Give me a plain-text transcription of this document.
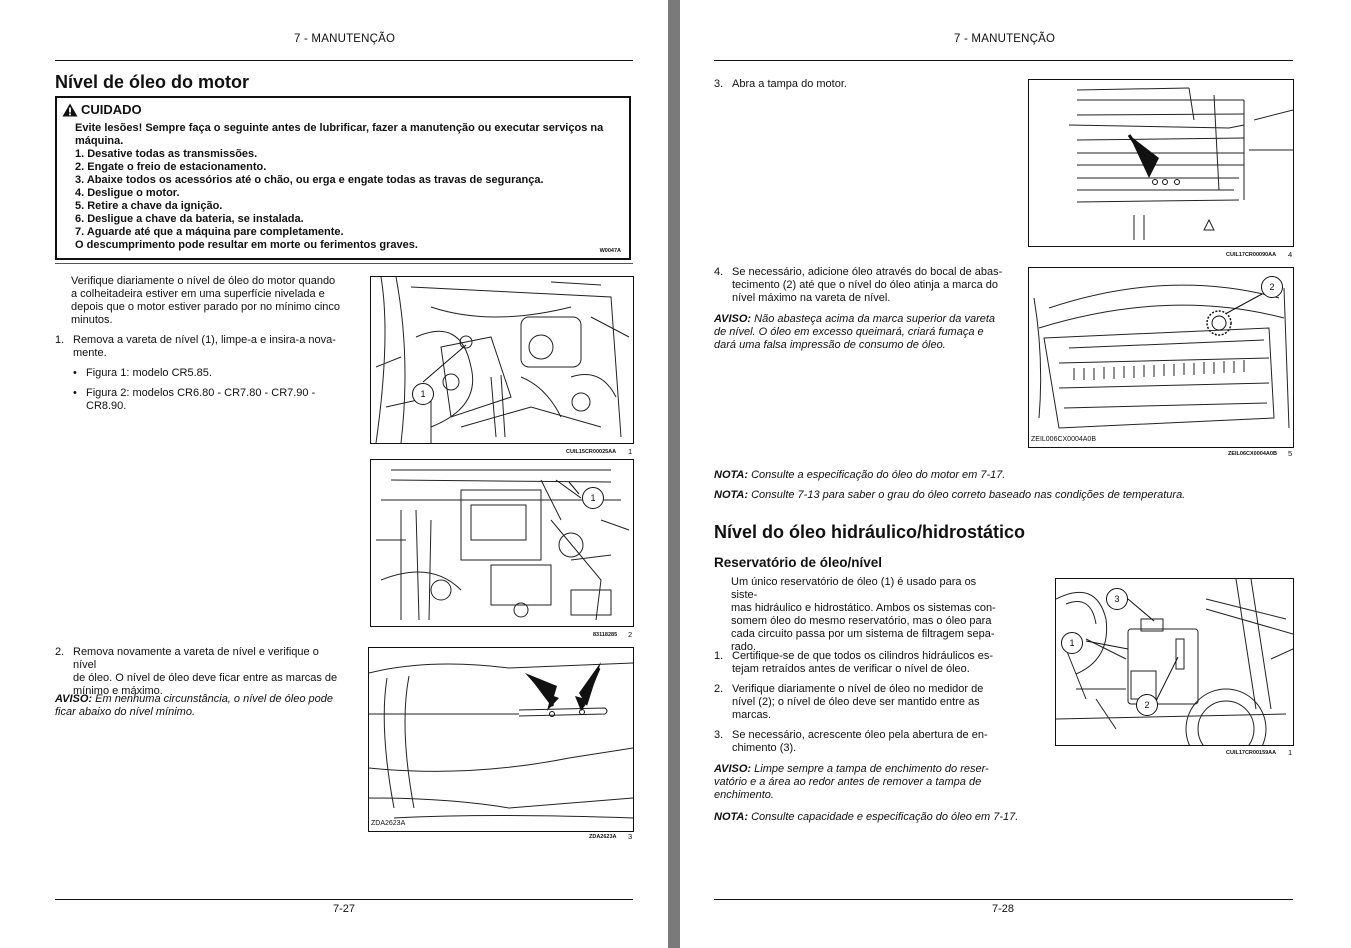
7 - MANUTENÇÃO
Nível de óleo do motor
CUIDADO
Evite lesões! Sempre faça o seguinte antes de lubrificar, fazer a manutenção ou executar serviços na
máquina.
1. Desative todas as transmissões.
2. Engate o freio de estacionamento.
3. Abaixe todos os acessórios até o chão, ou erga e engate todas as travas de segurança.
4. Desligue o motor.
5. Retire a chave da ignição.
6. Desligue a chave da bateria, se instalada.
7. Aguarde até que a máquina pare completamente.
O descumprimento pode resultar em morte ou ferimentos graves.	W0047A
Verifique diariamente o nível de óleo do motor quando
a colheitadeira estiver em uma superfície nivelada e
depois que o motor estiver parado por no mínimo cinco
minutos.
1. Remova a vareta de nível (1), limpe-a e insira-a nova-
mente.
• Figura 1: modelo CR5.85.
• Figura 2: modelos CR6.80 - CR7.80 - CR7.90 -
CR8.90.
2. Remova novamente a vareta de nível e verifique o nível
de óleo. O nível de óleo deve ficar entre as marcas de
mínimo e máximo.
AVISO: Em nenhuma circunstância, o nível de óleo pode
ficar abaixo do nível mínimo.
1
CUIL15CR00025AA 1
1
83118285 2
ZDA2623A
ZDA2623A 3
7-27
7 - MANUTENÇÃO
3. Abra a tampa do motor.
CUIL17CR00090AA 4
4. Se necessário, adicione óleo através do bocal de abas-
tecimento (2) até que o nível do óleo atinja a marca do
nível máximo na vareta de nível.
AVISO: Não abasteça acima da marca superior da vareta
de nível. O óleo em excesso queimará, criará fumaça e
dará uma falsa impressão de consumo de óleo.
2
ZEIL006CX0004A0B
ZEIL06CX0004A0B 5
NOTA: Consulte a especificação do óleo do motor em 7-17.
NOTA: Consulte 7-13 para saber o grau do óleo correto baseado nas condições de temperatura.
Nível do óleo hidráulico/hidrostático
Reservatório de óleo/nível
Um único reservatório de óleo (1) é usado para os siste-
mas hidráulico e hidrostático. Ambos os sistemas con-
somem óleo do mesmo reservatório, mas o óleo para
cada circuito passa por um sistema de filtragem sepa-
rado.
1. Certifique-se de que todos os cilindros hidráulicos es-
tejam retraídos antes de verificar o nível de óleo.
2. Verifique diariamente o nível de óleo no medidor de
nível (2); o nível de óleo deve ser mantido entre as
marcas.
3. Se necessário, acrescente óleo pela abertura de en-
chimento (3).
AVISO: Limpe sempre a tampa de enchimento do reser-
vatório e a área ao redor antes de remover a tampa de
enchimento.
NOTA: Consulte capacidade e especificação do óleo em 7-17.
3
1
2
CUIL17CR00159AA 1
7-28
